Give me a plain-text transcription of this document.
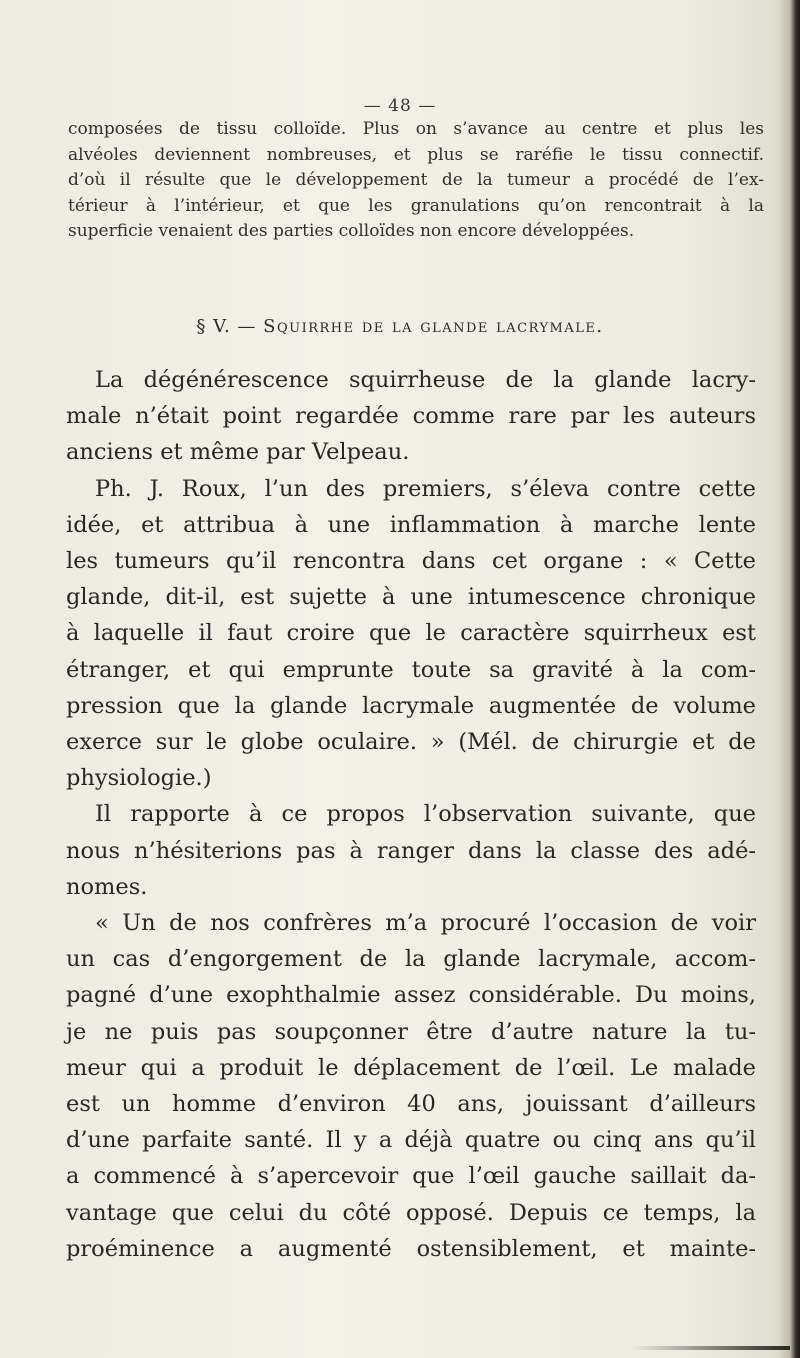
— 48 —
composées de tissu colloïde. Plus on s’avance au centre et plus les
alvéoles deviennent nombreuses, et plus se raréfie le tissu connectif.
d’où il résulte que le développement de la tumeur a procédé de l’ex-
térieur à l’intérieur, et que les granulations qu’on rencontrait à la
superficie venaient des parties colloïdes non encore développées.
§ V. — Squirrhe de la glande lacrymale.
La dégénérescence squirrheuse de la glande lacry-
male n’était point regardée comme rare par les auteurs
anciens et même par Velpeau.
Ph. J. Roux, l’un des premiers, s’éleva contre cette
idée, et attribua à une inflammation à marche lente
les tumeurs qu’il rencontra dans cet organe : « Cette
glande, dit-il, est sujette à une intumescence chronique
à laquelle il faut croire que le caractère squirrheux est
étranger, et qui emprunte toute sa gravité à la com-
pression que la glande lacrymale augmentée de volume
exerce sur le globe oculaire. » (Mél. de chirurgie et de
physiologie.)
Il rapporte à ce propos l’observation suivante, que
nous n’hésiterions pas à ranger dans la classe des adé-
nomes.
« Un de nos confrères m’a procuré l’occasion de voir
un cas d’engorgement de la glande lacrymale, accom-
pagné d’une exophthalmie assez considérable. Du moins,
je ne puis pas soupçonner être d’autre nature la tu-
meur qui a produit le déplacement de l’œil. Le malade
est un homme d’environ 40 ans, jouissant d’ailleurs
d’une parfaite santé. Il y a déjà quatre ou cinq ans qu’il
a commencé à s’apercevoir que l’œil gauche saillait da-
vantage que celui du côté opposé. Depuis ce temps, la
proéminence a augmenté ostensiblement, et mainte-
